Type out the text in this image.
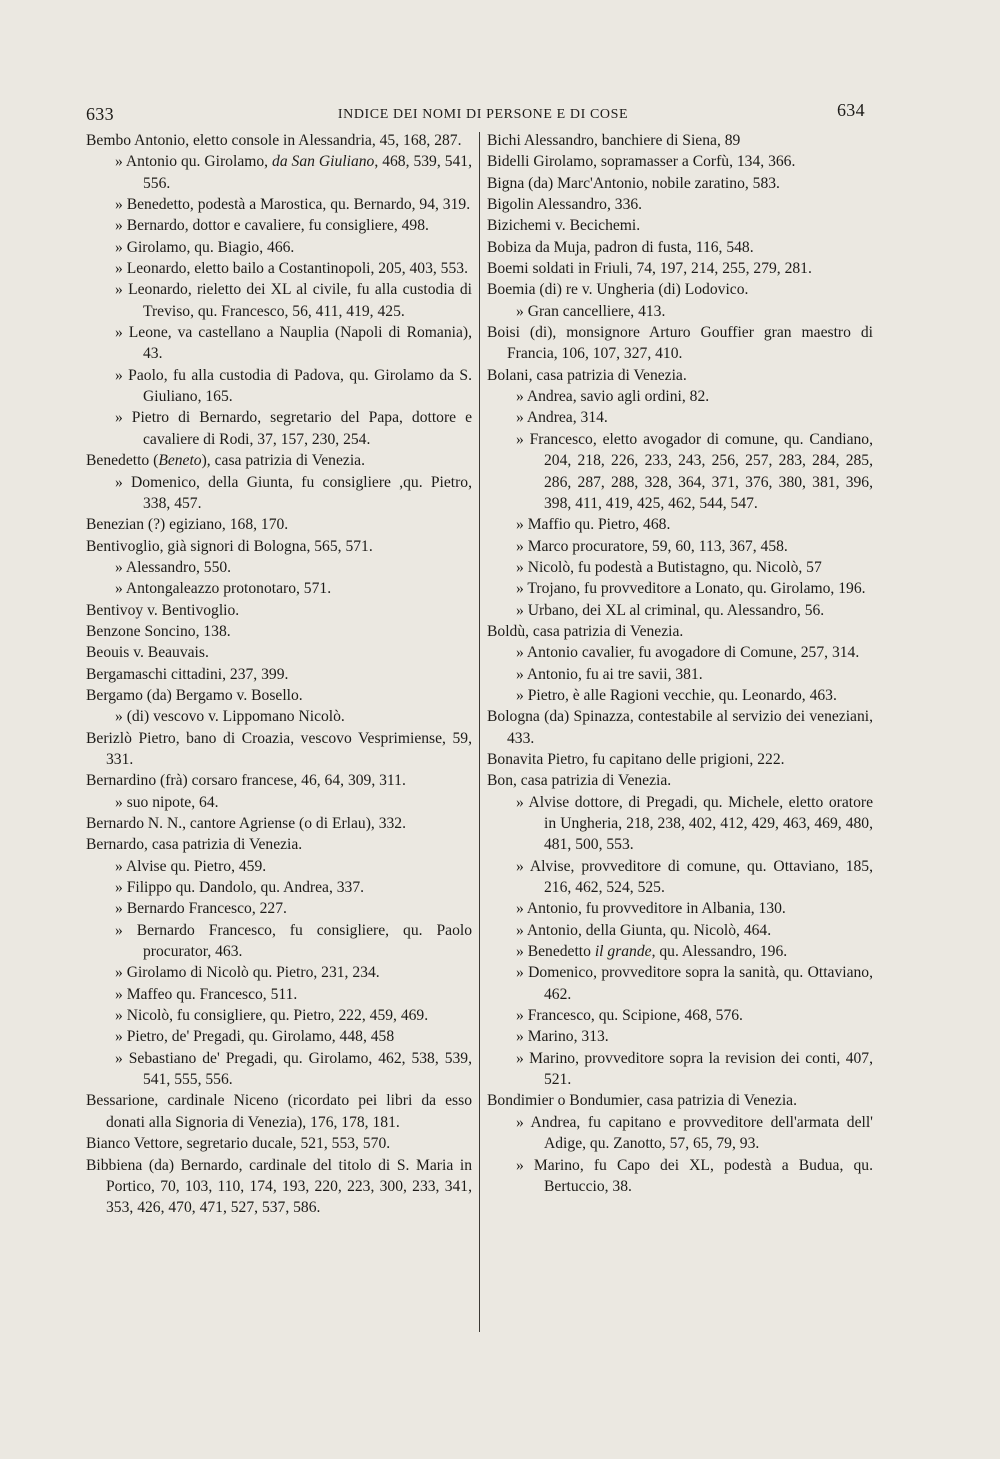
633	INDICE DEI NOMI DI PERSONE E DI COSE	634
Bembo Antonio, eletto console in Alessandria, 45, 168, 287.
» Antonio qu. Girolamo, da San Giuliano, 468, 539, 541, 556.
» Benedetto, podestà a Marostica, qu. Bernardo, 94, 319.
» Bernardo, dottor e cavaliere, fu consigliere, 498.
» Girolamo, qu. Biagio, 466.
» Leonardo, eletto bailo a Costantinopoli, 205, 403, 553.
» Leonardo, rieletto dei XL al civile, fu alla custodia di Treviso, qu. Francesco, 56, 411, 419, 425.
» Leone, va castellano a Nauplia (Napoli di Romania), 43.
» Paolo, fu alla custodia di Padova, qu. Girolamo da S. Giuliano, 165.
» Pietro di Bernardo, segretario del Papa, dottore e cavaliere di Rodi, 37, 157, 230, 254.
Benedetto (Beneto), casa patrizia di Venezia.
» Domenico, della Giunta, fu consigliere ,qu. Pietro, 338, 457.
Benezian (?) egiziano, 168, 170.
Bentivoglio, già signori di Bologna, 565, 571.
» Alessandro, 550.
» Antongaleazzo protonotaro, 571.
Bentivoy v. Bentivoglio.
Benzone Soncino, 138.
Beouis v. Beauvais.
Bergamaschi cittadini, 237, 399.
Bergamo (da) Bergamo v. Bosello.
» (di) vescovo v. Lippomano Nicolò.
Berizlò Pietro, bano di Croazia, vescovo Vesprimiense, 59, 331.
Bernardino (frà) corsaro francese, 46, 64, 309, 311.
» suo nipote, 64.
Bernardo N. N., cantore Agriense (o di Erlau), 332.
Bernardo, casa patrizia di Venezia.
» Alvise qu. Pietro, 459.
» Filippo qu. Dandolo, qu. Andrea, 337.
» Bernardo Francesco, 227.
» Bernardo Francesco, fu consigliere, qu. Paolo procurator, 463.
» Girolamo di Nicolò qu. Pietro, 231, 234.
» Maffeo qu. Francesco, 511.
» Nicolò, fu consigliere, qu. Pietro, 222, 459, 469.
» Pietro, de' Pregadi, qu. Girolamo, 448, 458
» Sebastiano de' Pregadi, qu. Girolamo, 462, 538, 539, 541, 555, 556.
Bessarione, cardinale Niceno (ricordato pei libri da esso donati alla Signoria di Venezia), 176, 178, 181.
Bianco Vettore, segretario ducale, 521, 553, 570.
Bibbiena (da) Bernardo, cardinale del titolo di S. Maria in Portico, 70, 103, 110, 174, 193, 220, 223, 300, 233, 341, 353, 426, 470, 471, 527, 537, 586.
Bichi Alessandro, banchiere di Siena, 89
Bidelli Girolamo, sopramasser a Corfù, 134, 366.
Bigna (da) Marc'Antonio, nobile zaratino, 583.
Bigolin Alessandro, 336.
Bizichemi v. Becichemi.
Bobiza da Muja, padron di fusta, 116, 548.
Boemi soldati in Friuli, 74, 197, 214, 255, 279, 281.
Boemia (di) re v. Ungheria (di) Lodovico.
» Gran cancelliere, 413.
Boisi (di), monsignore Arturo Gouffier gran maestro di Francia, 106, 107, 327, 410.
Bolani, casa patrizia di Venezia.
» Andrea, savio agli ordini, 82.
» Andrea, 314.
» Francesco, eletto avogador di comune, qu. Candiano, 204, 218, 226, 233, 243, 256, 257, 283, 284, 285, 286, 287, 288, 328, 364, 371, 376, 380, 381, 396, 398, 411, 419, 425, 462, 544, 547.
» Maffio qu. Pietro, 468.
» Marco procuratore, 59, 60, 113, 367, 458.
» Nicolò, fu podestà a Butistagno, qu. Nicolò, 57
» Trojano, fu provveditore a Lonato, qu. Girolamo, 196.
» Urbano, dei XL al criminal, qu. Alessandro, 56.
Boldù, casa patrizia di Venezia.
» Antonio cavalier, fu avogadore di Comune, 257, 314.
» Antonio, fu ai tre savii, 381.
» Pietro, è alle Ragioni vecchie, qu. Leonardo, 463.
Bologna (da) Spinazza, contestabile al servizio dei veneziani, 433.
Bonavita Pietro, fu capitano delle prigioni, 222.
Bon, casa patrizia di Venezia.
» Alvise dottore, di Pregadi, qu. Michele, eletto oratore in Ungheria, 218, 238, 402, 412, 429, 463, 469, 480, 481, 500, 553.
» Alvise, provveditore di comune, qu. Ottaviano, 185, 216, 462, 524, 525.
» Antonio, fu provveditore in Albania, 130.
» Antonio, della Giunta, qu. Nicolò, 464.
» Benedetto il grande, qu. Alessandro, 196.
» Domenico, provveditore sopra la sanità, qu. Ottaviano, 462.
» Francesco, qu. Scipione, 468, 576.
» Marino, 313.
» Marino, provveditore sopra la revision dei conti, 407, 521.
Bondimier o Bondumier, casa patrizia di Venezia.
» Andrea, fu capitano e provveditore dell'armata dell' Adige, qu. Zanotto, 57, 65, 79, 93.
» Marino, fu Capo dei XL, podestà a Budua, qu. Bertuccio, 38.
